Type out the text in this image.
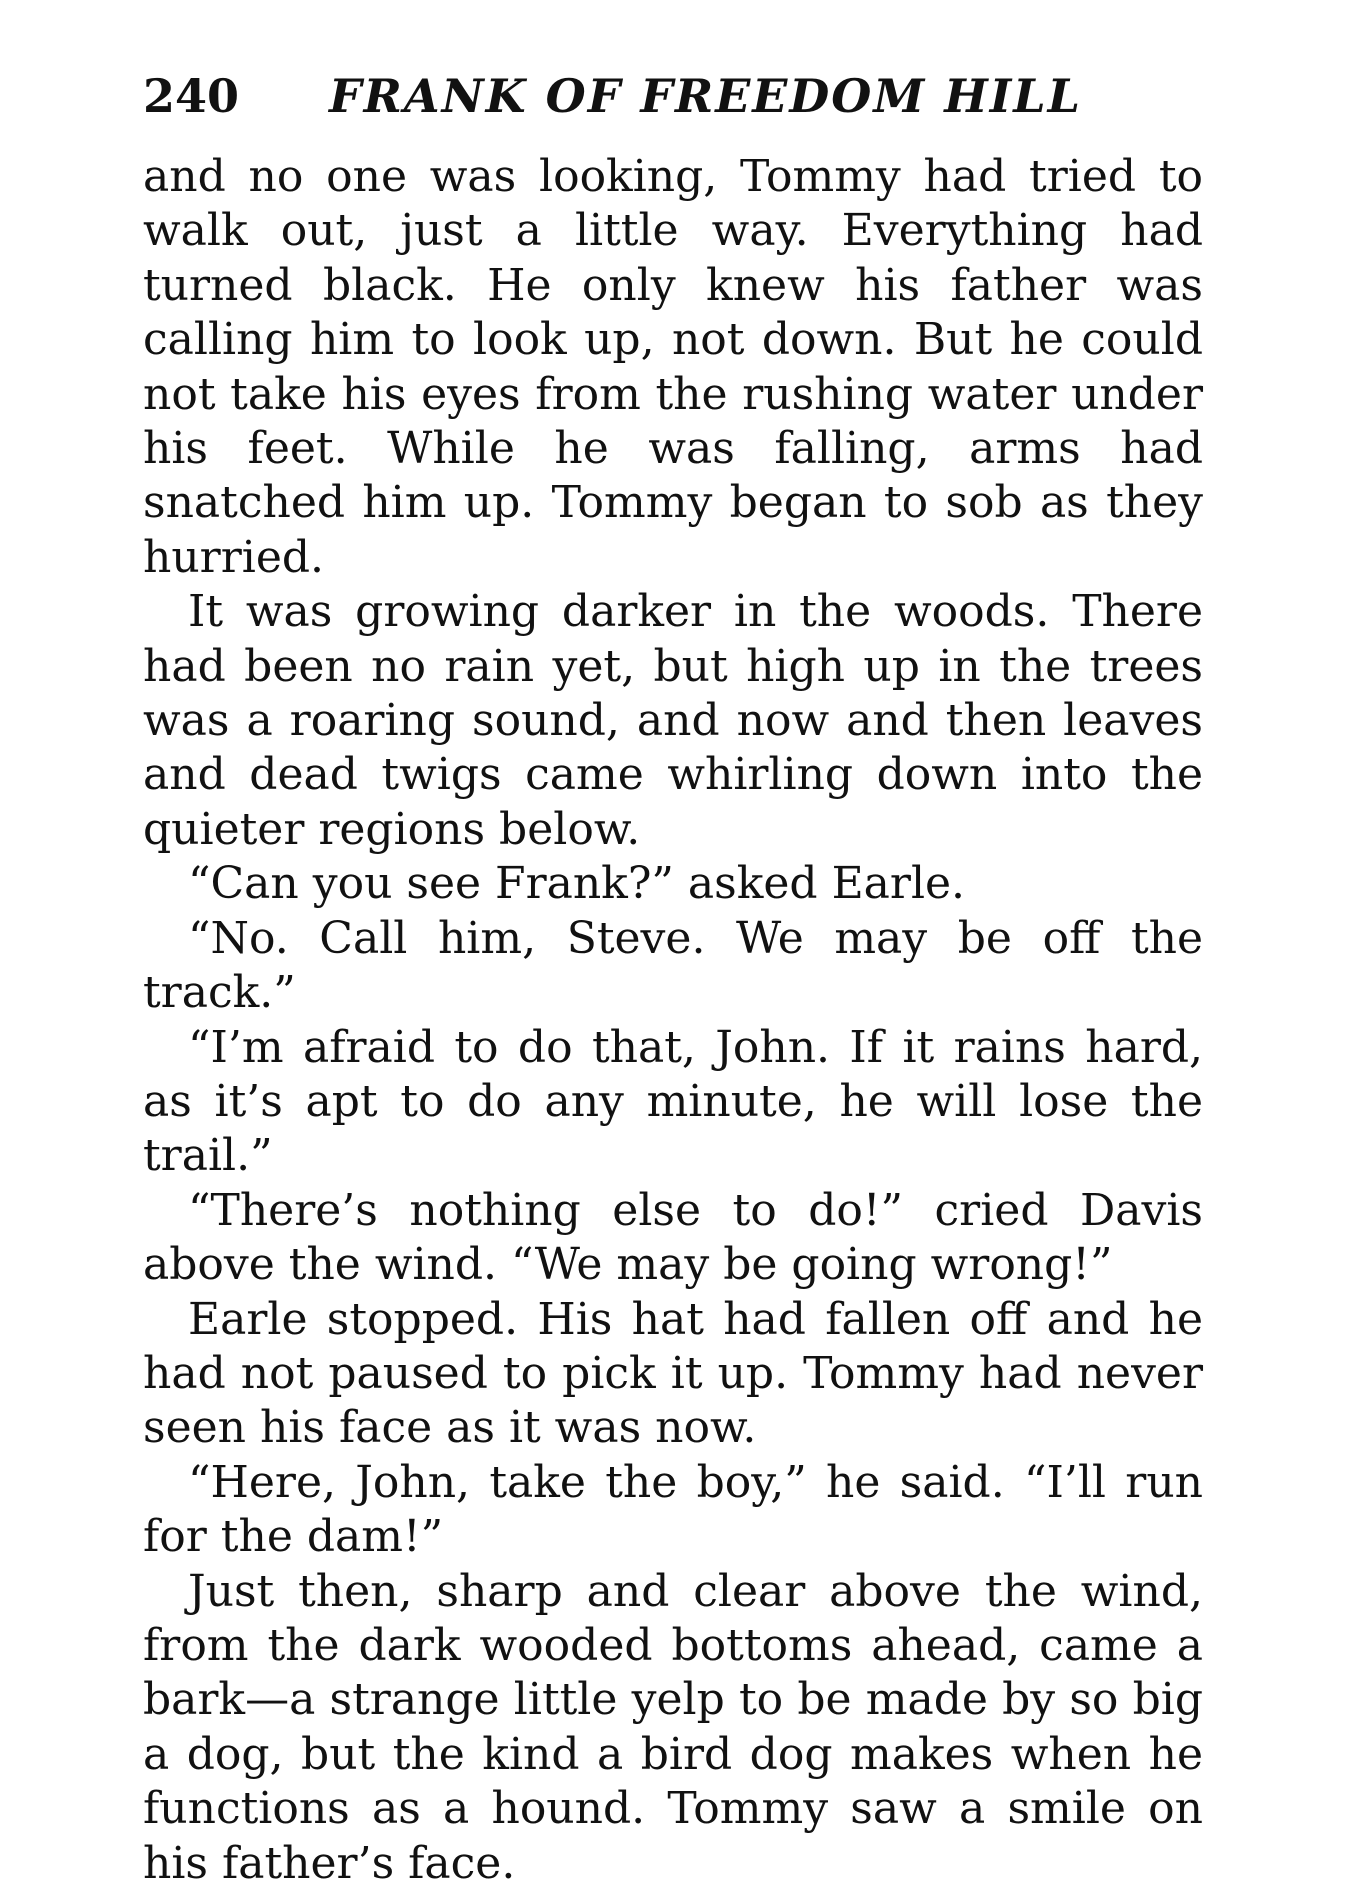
240 FRANK OF FREEDOM HILL

and no one was looking, Tommy had tried to walk out, just a little way. Everything had turned black. He only knew his father was calling him to look up, not down. But he could not take his eyes from the rushing water under his feet. While he was falling, arms had snatched him up. Tommy began to sob as they hurried.

It was growing darker in the woods. There had been no rain yet, but high up in the trees was a roaring sound, and now and then leaves and dead twigs came whirling down into the quieter regions below.

“Can you see Frank?” asked Earle.

“No. Call him, Steve. We may be off the track.”

“I’m afraid to do that, John. If it rains hard, as it’s apt to do any minute, he will lose the trail.”

“There’s nothing else to do!” cried Davis above the wind. “We may be going wrong!”

Earle stopped. His hat had fallen off and he had not paused to pick it up. Tommy had never seen his face as it was now.

“Here, John, take the boy,” he said. “I’ll run for the dam!”

Just then, sharp and clear above the wind, from the dark wooded bottoms ahead, came a bark—a strange little yelp to be made by so big a dog, but the kind a bird dog makes when he functions as a hound. Tommy saw a smile on his father’s face.
